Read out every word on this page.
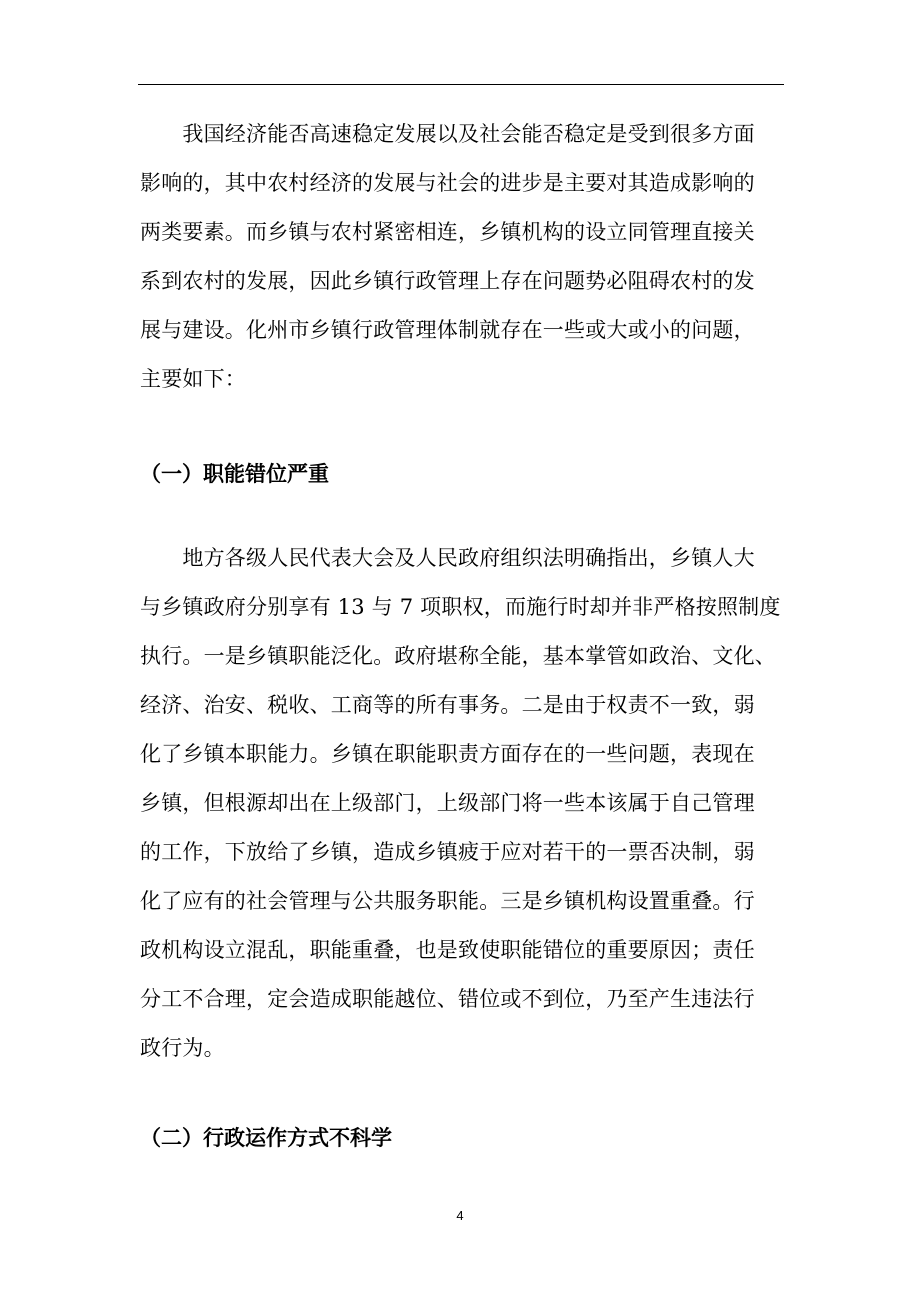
　　我国经济能否高速稳定发展以及社会能否稳定是受到很多方面
影响的，其中农村经济的发展与社会的进步是主要对其造成影响的
两类要素。而乡镇与农村紧密相连，乡镇机构的设立同管理直接关
系到农村的发展，因此乡镇行政管理上存在问题势必阻碍农村的发
展与建设。化州市乡镇行政管理体制就存在一些或大或小的问题，
主要如下：
（一）职能错位严重
　　地方各级人民代表大会及人民政府组织法明确指出，乡镇人大
与乡镇政府分别享有 13 与 7 项职权，而施行时却并非严格按照制度
执行。一是乡镇职能泛化。政府堪称全能，基本掌管如政治、文化、
经济、治安、税收、工商等的所有事务。二是由于权责不一致，弱
化了乡镇本职能力。乡镇在职能职责方面存在的一些问题，表现在
乡镇，但根源却出在上级部门，上级部门将一些本该属于自己管理
的工作，下放给了乡镇，造成乡镇疲于应对若干的一票否决制，弱
化了应有的社会管理与公共服务职能。三是乡镇机构设置重叠。行
政机构设立混乱，职能重叠，也是致使职能错位的重要原因；责任
分工不合理，定会造成职能越位、错位或不到位，乃至产生违法行
政行为。
（二）行政运作方式不科学
4
